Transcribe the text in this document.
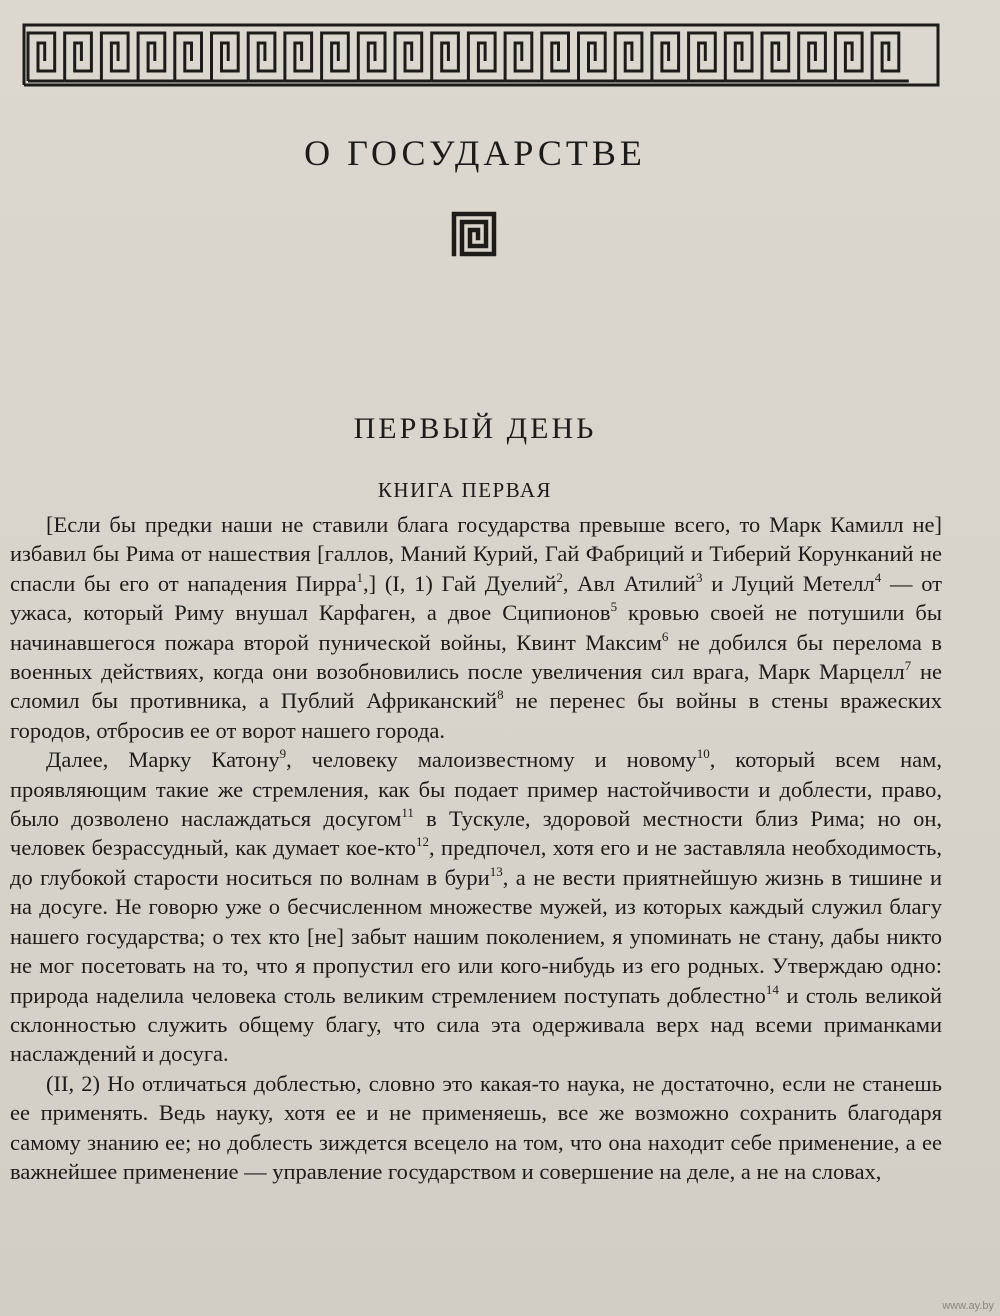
О ГОСУДАРСТВЕ
ПЕРВЫЙ ДЕНЬ
КНИГА ПЕРВАЯ

[Если бы предки наши не ставили блага государства превыше всего, то Марк Камилл не] избавил бы Рима от нашествия [галлов, Маний Курий, Гай Фабриций и Тиберий Корунканий не спасли бы его от нападения Пирра$^1$,] (I, 1) Гай Дуелий$^2$, Авл Атилий$^3$ и Луций Метелл$^4$ — от ужаса, который Риму внушал Карфаген, а двое Сципионов$^5$ кровью своей не потушили бы начинавшегося пожара второй пунической войны, Квинт Максим$^6$ не добился бы перелома в военных действиях, когда они возобновились после увеличения сил врага, Марк Марцелл$^7$ не сломил бы противника, а Публий Африканский$^8$ не перенес бы войны в стены вражеских городов, отбросив ее от ворот нашего города.

Далее, Марку Катону$^9$, человеку малоизвестному и новому$^{10}$, который всем нам, проявляющим такие же стремления, как бы подает пример настойчивости и доблести, право, было дозволено наслаждаться досугом$^{11}$ в Тускуле, здоровой местности близ Рима; но он, человек безрассудный, как думает кое-кто$^{12}$, предпочел, хотя его и не заставляла необходимость, до глубокой старости носиться по волнам в бури$^{13}$, а не вести приятнейшую жизнь в тишине и на досуге. Не говорю уже о бесчисленном множестве мужей, из которых каждый служил благу нашего государства; о тех кто [не] забыт нашим поколением, я упоминать не стану, дабы никто не мог посетовать на то, что я пропустил его или кого-нибудь из его родных. Утверждаю одно: природа наделила человека столь великим стремлением поступать доблестно$^{14}$ и столь великой склонностью служить общему благу, что сила эта одерживала верх над всеми приманками наслаждений и досуга.

(II, 2) Но отличаться доблестью, словно это какая-то наука, не достаточно, если не станешь ее применять. Ведь науку, хотя ее и не применяешь, все же возможно сохранить благодаря самому знанию ее; но доблесть зиждется всецело на том, что она находит себе применение, а ее важнейшее применение — управление государством и совершение на деле, а не на словах,

www.ay.by
